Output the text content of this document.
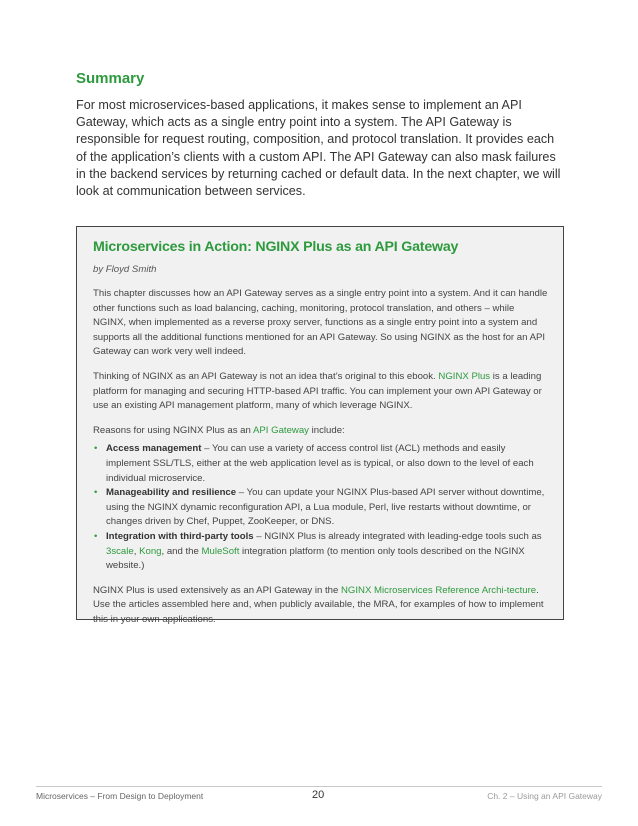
Summary

For most microservices-based applications, it makes sense to implement an API Gateway, which acts as a single entry point into a system. The API Gateway is responsible for request routing, composition, and protocol translation. It provides each of the application’s clients with a custom API. The API Gateway can also mask failures in the backend services by returning cached or default data. In the next chapter, we will look at communication between services.

Microservices in Action: NGINX Plus as an API Gateway

by Floyd Smith

This chapter discusses how an API Gateway serves as a single entry point into a system. And it can handle other functions such as load balancing, caching, monitoring, protocol translation, and others – while NGINX, when implemented as a reverse proxy server, functions as a single entry point into a system and supports all the additional functions mentioned for an API Gateway. So using NGINX as the host for an API Gateway can work very well indeed.

Thinking of NGINX as an API Gateway is not an idea that’s original to this ebook. NGINX Plus is a leading platform for managing and securing HTTP-based API traffic. You can implement your own API Gateway or use an existing API management platform, many of which leverage NGINX.

Reasons for using NGINX Plus as an API Gateway include:

• Access management – You can use a variety of access control list (ACL) methods and easily implement SSL/TLS, either at the web application level as is typical, or also down to the level of each individual microservice.
• Manageability and resilience – You can update your NGINX Plus-based API server without downtime, using the NGINX dynamic reconfiguration API, a Lua module, Perl, live restarts without downtime, or changes driven by Chef, Puppet, ZooKeeper, or DNS.
• Integration with third-party tools – NGINX Plus is already integrated with leading-edge tools such as 3scale, Kong, and the MuleSoft integration platform (to mention only tools described on the NGINX website.)

NGINX Plus is used extensively as an API Gateway in the NGINX Microservices Reference Archi-tecture. Use the articles assembled here and, when publicly available, the MRA, for examples of how to implement this in your own applications.

Microservices – From Design to Deployment	20	Ch. 2 – Using an API Gateway
